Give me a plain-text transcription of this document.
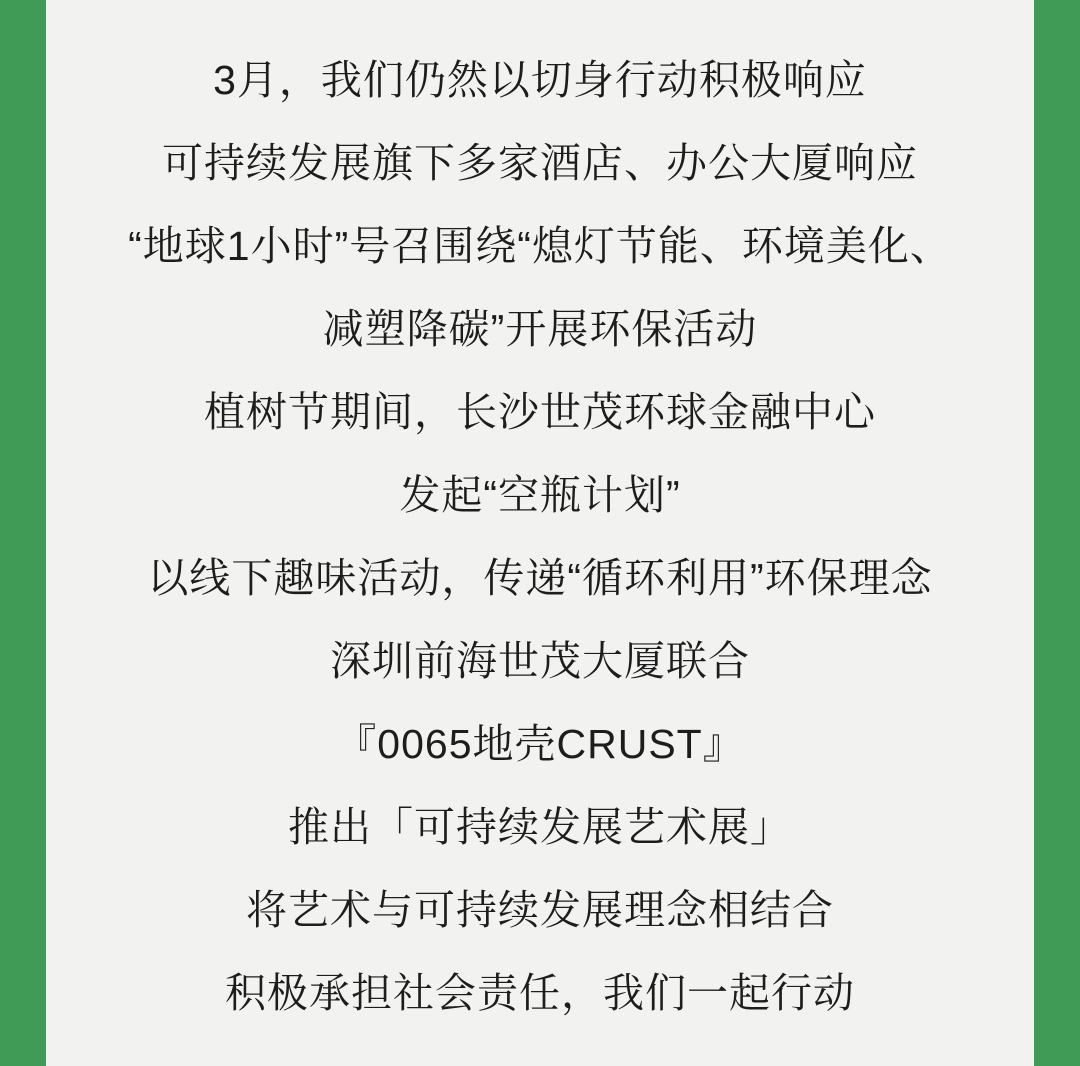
3月，我们仍然以切身行动积极响应
可持续发展旗下多家酒店、办公大厦响应
“地球1小时”号召围绕“熄灯节能、环境美化、
减塑降碳”开展环保活动
植树节期间，长沙世茂环球金融中心
发起“空瓶计划”
以线下趣味活动，传递“循环利用”环保理念
深圳前海世茂大厦联合
『0065地壳CRUST』
推出「可持续发展艺术展」
将艺术与可持续发展理念相结合
积极承担社会责任，我们一起行动
